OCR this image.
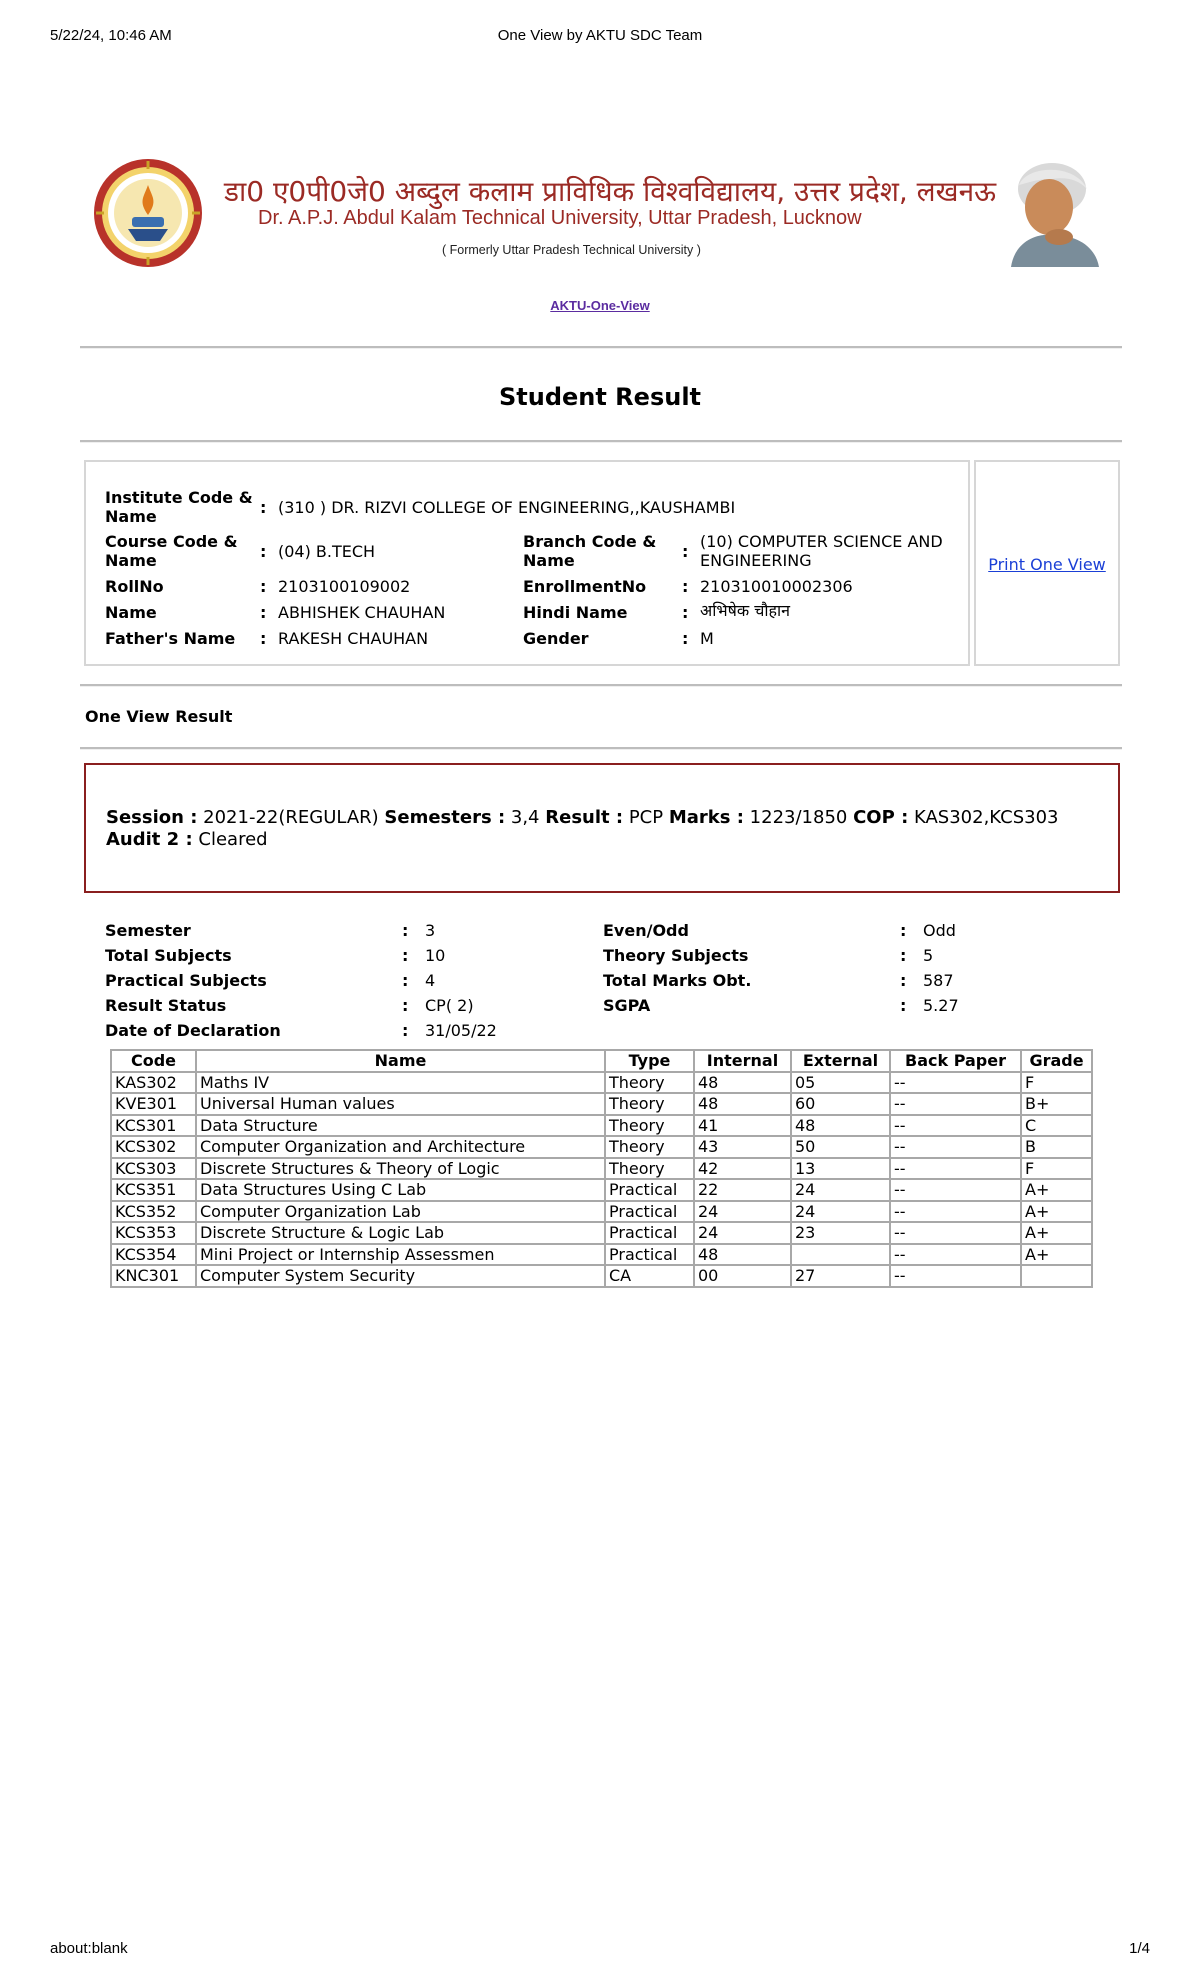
5/22/24, 10:46 AM	One View by AKTU SDC Team
डा0 ए0पी0जे0 अब्दुल कलाम प्राविधिक विश्वविद्यालय, उत्तर प्रदेश, लखनऊ
Dr. A.P.J. Abdul Kalam Technical University, Uttar Pradesh, Lucknow
( Formerly Uttar Pradesh Technical University )
AKTU-One-View
Student Result
Institute Code & Name	: (310 ) DR. RIZVI COLLEGE OF ENGINEERING,,KAUSHAMBI
Course Code & Name	: (04) B.TECH
Branch Code & Name	:
(10) COMPUTER SCIENCE AND ENGINEERING
RollNo	: 2103100109002	EnrollmentNo : 210310010002306
Name	: ABHISHEK CHAUHAN	Hindi Name	: अभिषेक चौहान
Father's Name : RAKESH CHAUHAN	Gender	: M
Print One View
One View Result
Session : 2021-22(REGULAR) Semesters : 3,4 Result : PCP Marks : 1223/1850 COP : KAS302,KCS303
Audit 2 : Cleared
Semester	: 3	Even/Odd	: Odd
Total Subjects	: 10	Theory Subjects	: 5
Practical Subjects	: 4	Total Marks Obt.	: 587
Result Status	: CP( 2)	SGPA	: 5.27
Date of Declaration	: 31/05/22
Code	Name	Type	Internal	External	Back Paper	Grade
KAS302	Maths IV	Theory	48	05	--	F
KVE301	Universal Human values	Theory	48	60	--	B+
KCS301	Data Structure	Theory	41	48	--	C
KCS302	Computer Organization and Architecture	Theory	43	50	--	B
KCS303	Discrete Structures & Theory of Logic	Theory	42	13	--	F
KCS351	Data Structures Using C Lab	Practical	22	24	--	A+
KCS352	Computer Organization Lab	Practical	24	24	--	A+
KCS353	Discrete Structure & Logic Lab	Practical	24	23	--	A+
KCS354	Mini Project or Internship Assessmen	Practical	48		--	A+
KNC301	Computer System Security	CA	00	27	--	
about:blank	1/4
